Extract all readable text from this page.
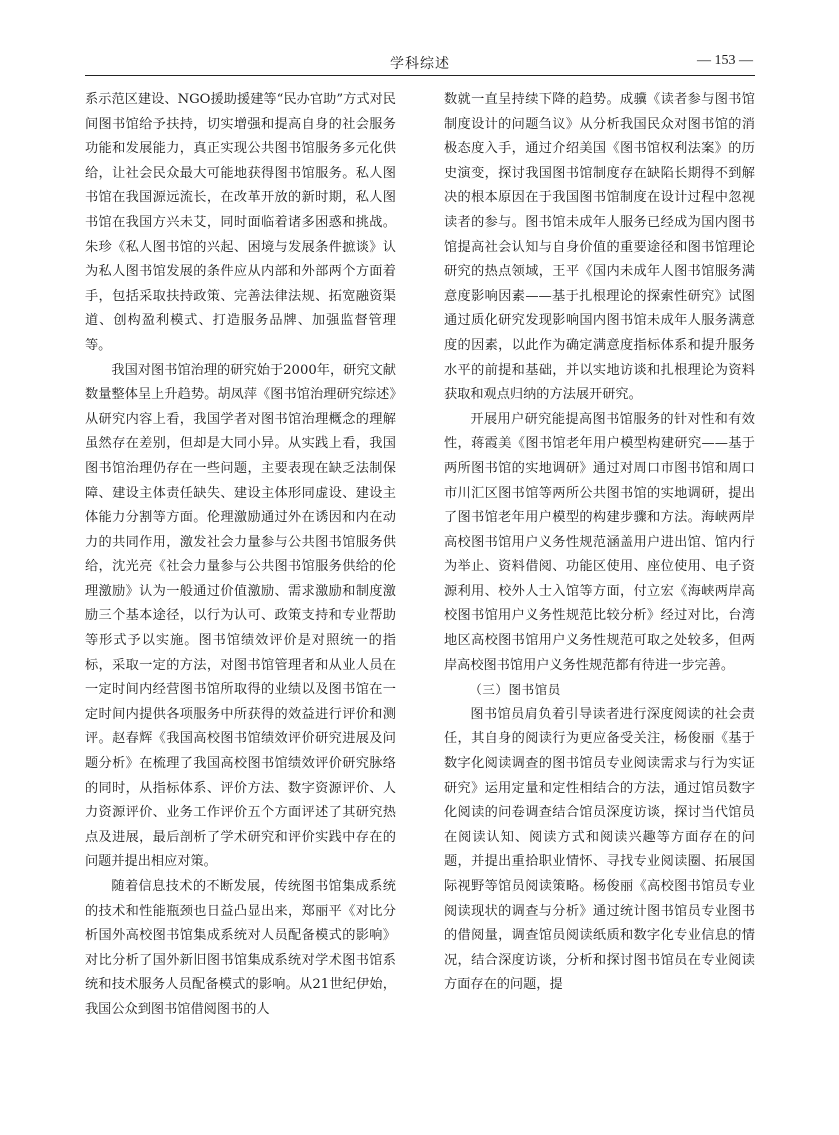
学科综述	— 153 —

系示范区建设、NGO援助援建等“民办官助”方式对民间图书馆给予扶持，切实增强和提高自身的社会服务功能和发展能力，真正实现公共图书馆服务多元化供给，让社会民众最大可能地获得图书馆服务。私人图书馆在我国源远流长，在改革开放的新时期，私人图书馆在我国方兴未艾，同时面临着诸多困惑和挑战。朱珍《私人图书馆的兴起、困境与发展条件摭谈》认为私人图书馆发展的条件应从内部和外部两个方面着手，包括采取扶持政策、完善法律法规、拓宽融资渠道、创构盈利模式、打造服务品牌、加强监督管理等。

我国对图书馆治理的研究始于2000年，研究文献数量整体呈上升趋势。胡凤萍《图书馆治理研究综述》从研究内容上看，我国学者对图书馆治理概念的理解虽然存在差别，但却是大同小异。从实践上看，我国图书馆治理仍存在一些问题，主要表现在缺乏法制保障、建设主体责任缺失、建设主体形同虚设、建设主体能力分割等方面。伦理激励通过外在诱因和内在动力的共同作用，激发社会力量参与公共图书馆服务供给，沈光亮《社会力量参与公共图书馆服务供给的伦理激励》认为一般通过价值激励、需求激励和制度激励三个基本途径，以行为认可、政策支持和专业帮助等形式予以实施。图书馆绩效评价是对照统一的指标，采取一定的方法，对图书馆管理者和从业人员在一定时间内经营图书馆所取得的业绩以及图书馆在一定时间内提供各项服务中所获得的效益进行评价和测评。赵春辉《我国高校图书馆绩效评价研究进展及问题分析》在梳理了我国高校图书馆绩效评价研究脉络的同时，从指标体系、评价方法、数字资源评价、人力资源评价、业务工作评价五个方面评述了其研究热点及进展，最后剖析了学术研究和评价实践中存在的问题并提出相应对策。

随着信息技术的不断发展，传统图书馆集成系统的技术和性能瓶颈也日益凸显出来，郑丽平《对比分析国外高校图书馆集成系统对人员配备模式的影响》对比分析了国外新旧图书馆集成系统对学术图书馆系统和技术服务人员配备模式的影响。从21世纪伊始，我国公众到图书馆借阅图书的人

数就一直呈持续下降的趋势。成骥《读者参与图书馆制度设计的问题刍议》从分析我国民众对图书馆的消极态度入手，通过介绍美国《图书馆权利法案》的历史演变，探讨我国图书馆制度存在缺陷长期得不到解决的根本原因在于我国图书馆制度在设计过程中忽视读者的参与。图书馆未成年人服务已经成为国内图书馆提高社会认知与自身价值的重要途径和图书馆理论研究的热点领域，王平《国内未成年人图书馆服务满意度影响因素——基于扎根理论的探索性研究》试图通过质化研究发现影响国内图书馆未成年人服务满意度的因素，以此作为确定满意度指标体系和提升服务水平的前提和基础，并以实地访谈和扎根理论为资料获取和观点归纳的方法展开研究。

开展用户研究能提高图书馆服务的针对性和有效性，蒋霞美《图书馆老年用户模型构建研究——基于两所图书馆的实地调研》通过对周口市图书馆和周口市川汇区图书馆等两所公共图书馆的实地调研，提出了图书馆老年用户模型的构建步骤和方法。海峡两岸高校图书馆用户义务性规范涵盖用户进出馆、馆内行为举止、资料借阅、功能区使用、座位使用、电子资源利用、校外人士入馆等方面，付立宏《海峡两岸高校图书馆用户义务性规范比较分析》经过对比，台湾地区高校图书馆用户义务性规范可取之处较多，但两岸高校图书馆用户义务性规范都有待进一步完善。

（三）图书馆员

图书馆员肩负着引导读者进行深度阅读的社会责任，其自身的阅读行为更应备受关注，杨俊丽《基于数字化阅读调查的图书馆员专业阅读需求与行为实证研究》运用定量和定性相结合的方法，通过馆员数字化阅读的问卷调查结合馆员深度访谈，探讨当代馆员在阅读认知、阅读方式和阅读兴趣等方面存在的问题，并提出重拾职业情怀、寻找专业阅读圈、拓展国际视野等馆员阅读策略。杨俊丽《高校图书馆员专业阅读现状的调查与分析》通过统计图书馆员专业图书的借阅量，调查馆员阅读纸质和数字化专业信息的情况，结合深度访谈，分析和探讨图书馆员在专业阅读方面存在的问题，提
